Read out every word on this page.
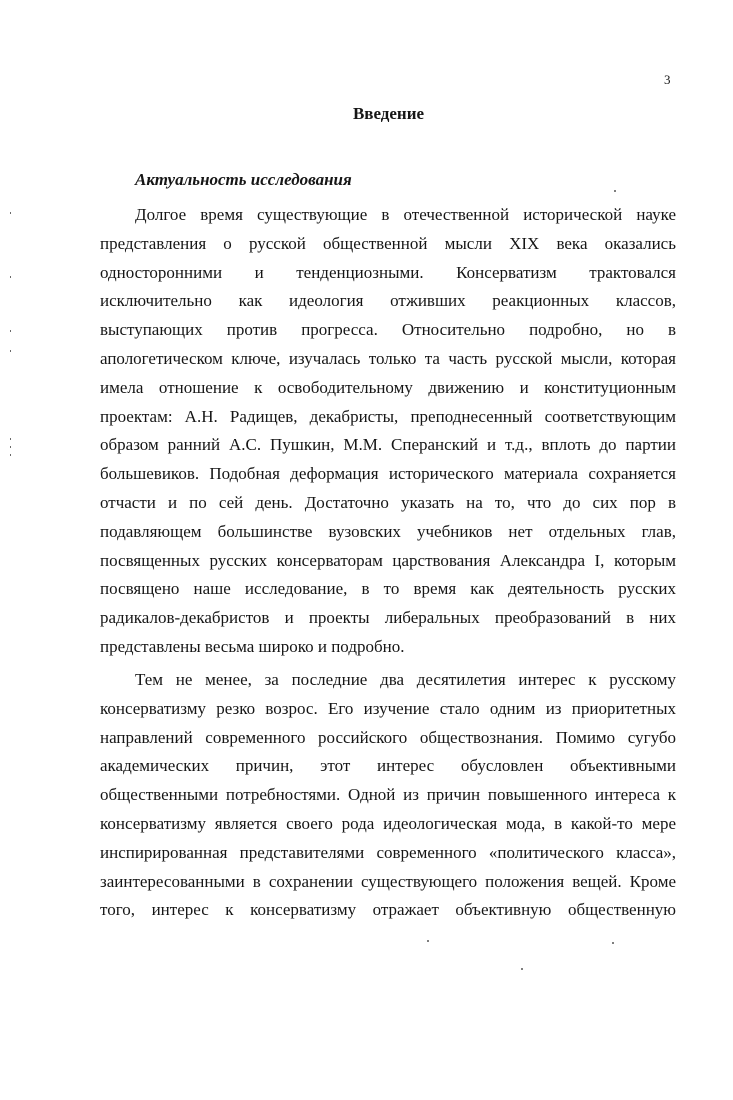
3
Введение
Актуальность исследования
Долгое время существующие в отечественной исторической науке
представления о русской общественной мысли XIX века оказались
односторонними и тенденциозными. Консерватизм трактовался
исключительно как идеология отживших реакционных классов,
выступающих против прогресса. Относительно подробно, но в
апологетическом ключе, изучалась только та часть русской мысли, которая
имела отношение к освободительному движению и конституционным
проектам: А.Н. Радищев, декабристы, преподнесенный соответствующим
образом ранний А.С. Пушкин, М.М. Сперанский и т.д., вплоть до партии
большевиков. Подобная деформация исторического материала сохраняется
отчасти и по сей день. Достаточно указать на то, что до сих пор в
подавляющем большинстве вузовских учебников нет отдельных глав,
посвященных русских консерваторам царствования Александра I, которым
посвящено наше исследование, в то время как деятельность русских
радикалов-декабристов и проекты либеральных преобразований в них
представлены весьма широко и подробно.
Тем не менее, за последние два десятилетия интерес к русскому
консерватизму резко возрос. Его изучение стало одним из приоритетных
направлений современного российского обществознания. Помимо сугубо
академических причин, этот интерес обусловлен объективными
общественными потребностями. Одной из причин повышенного интереса к
консерватизму является своего рода идеологическая мода, в какой-то мере
инспирированная представителями современного «политического класса»,
заинтересованными в сохранении существующего положения вещей. Кроме
того, интерес к консерватизму отражает объективную общественную
